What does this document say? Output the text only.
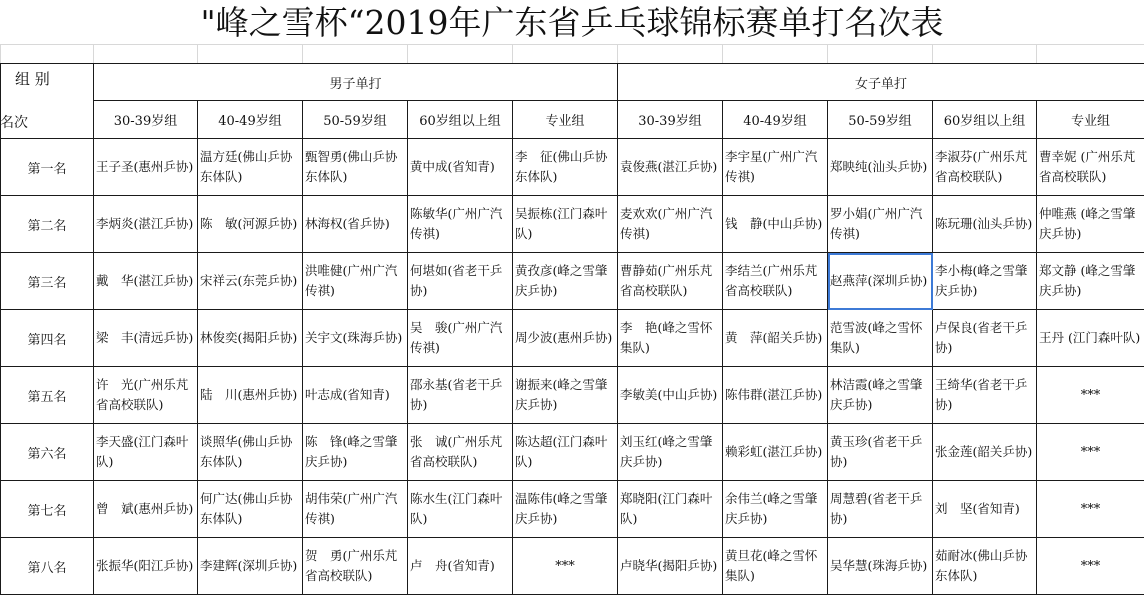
"峰之雪杯“2019年广东省乒乓球锦标赛单打名次表

组 别	男子单打					女子单打				
	30-39岁组	40-49岁组	50-59岁组	60岁组以上组	专业组	30-39岁组	40-49岁组	50-59岁组	60岁组以上组	专业组
第一名	王子圣(惠州乒协)	温方廷(佛山乒协东体队)	甄智勇(佛山乒协东体队)	黄中成(省知青)	李　征(佛山乒协东体队)	袁俊燕(湛江乒协)	李宇星(广州广汽传祺)	郑映纯(汕头乒协)	李淑芬(广州乐芃省高校联队)	曹幸妮 (广州乐芃省高校联队)

第二名	李炳炎(湛江乒协)	陈　敏(河源乒协)	林海权(省乒协)	陈敏华(广州广汽传祺)	吴振栋(江门森叶队)	麦欢欢(广州广汽传祺)	钱　静(中山乒协)	罗小娟(广州广汽传祺)	陈玩珊(汕头乒协)	仲唯燕 (峰之雪肇庆乒协)

第三名	戴　华(湛江乒协)	宋祥云(东莞乒协)	洪唯健(广州广汽传祺)	何堪如(省老干乒协)	黄孜彦(峰之雪肇庆乒协)	曹静茹(广州乐芃省高校联队)	李结兰(广州乐芃省高校联队)	赵燕萍(深圳乒协)	李小梅(峰之雪肇庆乒协)	郑文静 (峰之雪肇庆乒协)

第四名	梁　丰(清远乒协)	林俊奕(揭阳乒协)	关宇文(珠海乒协)	吴　骏(广州广汽传祺)	周少波(惠州乒协)	李　艳(峰之雪怀集队)	黄　萍(韶关乒协)	范雪波(峰之雪怀集队)	卢保良(省老干乒协)	王丹 (江门森叶队)

第五名	许　光(广州乐芃省高校联队)	陆　川(惠州乒协)	叶志成(省知青)	邵永基(省老干乒协)	谢振来(峰之雪肇庆乒协)	李敏美(中山乒协)	陈伟群(湛江乒协)	林洁霞(峰之雪肇庆乒协)	王绮华(省老干乒协)	***
第六名	李天盛(江门森叶队)	谈照华(佛山乒协东体队)	陈　锋(峰之雪肇庆乒协)	张　诚(广州乐芃省高校联队)	陈达超(江门森叶队)	刘玉红(峰之雪肇庆乒协)	赖彩虹(湛江乒协)	黄玉珍(省老干乒协)	张金莲(韶关乒协)	***
第七名	曾　斌(惠州乒协)	何广达(佛山乒协东体队)	胡伟荣(广州广汽传祺)	陈水生(江门森叶队)	温陈伟(峰之雪肇庆乒协)	郑晓阳(江门森叶队)	余伟兰(峰之雪肇庆乒协)	周慧碧(省老干乒协)	刘　坚(省知青)	***
第八名	张振华(阳江乒协)	李建辉(深圳乒协)	贺　勇(广州乐芃省高校联队)	卢　舟(省知青)	***	卢晓华(揭阳乒协)	黄旦花(峰之雪怀集队)	吴华慧(珠海乒协)	茹耐冰(佛山乒协东体队)	***
名次
